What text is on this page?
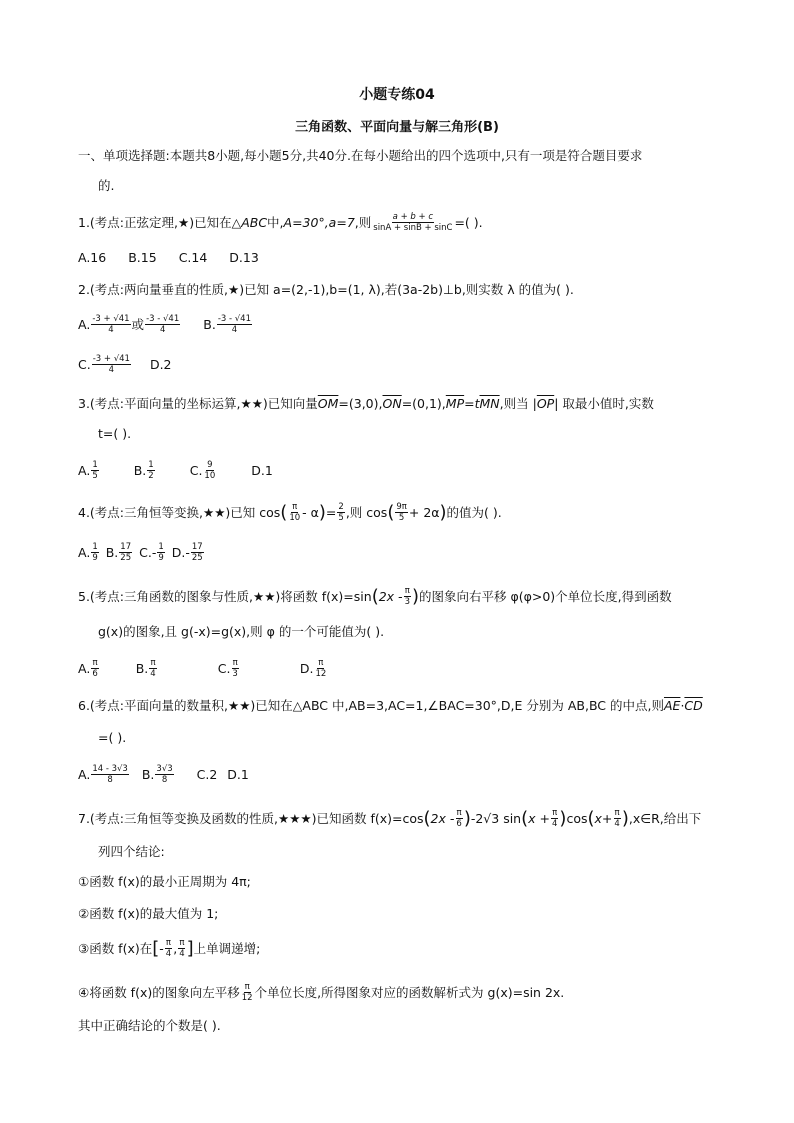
小题专练04
三角函数、平面向量与解三角形(B)
一、单项选择题:本题共8小题,每小题5分,共40分.在每小题给出的四个选项中,只有一项是符合题目要求
的.
1.(考点:正弦定理,★)已知在△ ABC 中, A=30°,a=7 ,则 $\frac{a + b + c}{\sin A + \sin B + \sin C}$ =( ).
A.16 B.15 C.14 D.13
2.(考点:两向量垂直的性质,★)已知 a=(2,-1),b=(1, λ),若(3a-2b)⊥b,则实数 λ 的值为( ).
A. $\frac{-3 + √41}{4}$ 或 $\frac{-3 - √41}{4} B$. $\frac{-3 - √41}{4}$
C. $\frac{-3 + √41}{4} D.2$
3.(考点:平面向量的坐标运算,★★)已知向量 $\overline{OM} =(3,0)$, $\overline{ON} =(0,1)$, $\overline{MP} =t$ $\overline{MN}$ ,则当 | $\overline{OP}$ | 取最小值时,实数
t=( ).
A. $\frac{1}{5}$	B. $\frac{1}{2}$	C. $\frac{9}{10}$	D.1
4.(考点:三角恒等变换,★★)已知 cos ( $\frac{\pi}{10}$ - α ) = $\frac{2}{5}$ ,则 cos ( $\frac{9\pi}{5} + 2\alpha$ ) 的值为( ).
A. $\frac{1}{9} B$. $\frac{17}{25} C.- \frac{1}{9} D.- \frac{17}{25}$
5.(考点:三角函数的图象与性质,★★)将函数 f(x)=sin ( $2x - \frac{\pi}{3}$ ) 的图象向右平移 φ(φ>0)个单位长度,得到函数
g(x)的图象,且 g(-x)=g(x),则 φ 的一个可能值为( ).
A. $\frac{\pi}{6}$	B. $\frac{\pi}{4}$	C. $\frac{\pi}{3}$	D. $\frac{\pi}{12}$
6.(考点:平面向量的数量积,★★)已知在△ABC 中,AB=3,AC=1,∠BAC=30°,D,E 分别为 AB,BC 的中点,则 $\overline{AE} \cdot \overline{CD}$
=( ).
A. $\frac{14 - 3√3}{8} B$. $\frac{3√3}{8} C.2$ D.1
7.(考点:三角恒等变换及函数的性质,★★★)已知函数 f(x)=cos ( $2x - \frac{\pi}{6}$ ) -2√3 sin ( $x + \frac{\pi}{4}$ ) cos ( $x+ \frac{\pi}{4}$ ) ,x∈R,给出下
列四个结论:
①函数 f(x)的最小正周期为 4π;
②函数 f(x)的最大值为 1;
③函数 f(x)在 [ - $\frac{\pi}{4}$ , $\frac{\pi}{4}$ ] 上单调递增;
④将函数 f(x)的图象向左平移 $\frac{\pi}{12}$ 个单位长度,所得图象对应的函数解析式为 g(x)=sin 2x.
其中正确结论的个数是( ).
